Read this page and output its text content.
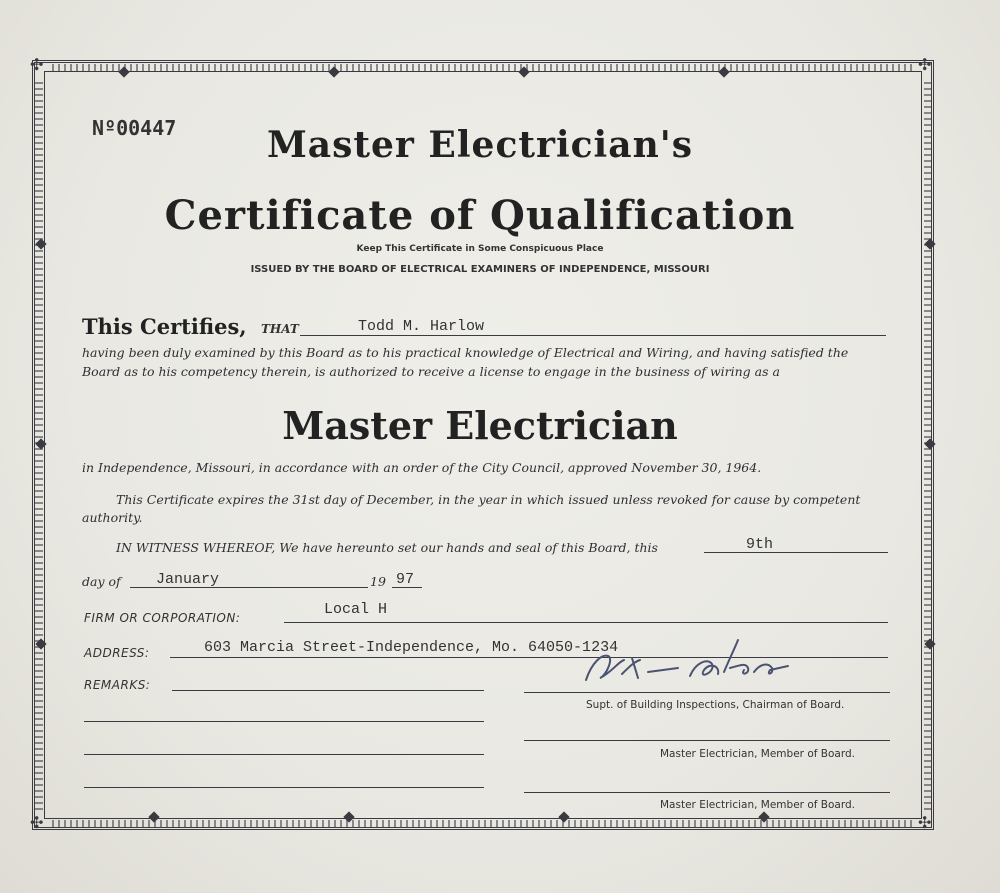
✣	✣
✣	✣
Nº00447	Master Electrician's
Certificate of Qualification
Keep This Certificate in Some Conspicuous Place
ISSUED BY THE BOARD OF ELECTRICAL EXAMINERS OF INDEPENDENCE, MISSOURI
This Certifies, THAT	Todd M. Harlow
having been duly examined by this Board as to his practical knowledge of Electrical and Wiring, and having satisfied the
Board as to his competency therein, is authorized to receive a license to engage in the business of wiring as a
Master Electrician
in Independence, Missouri, in accordance with an order of the City Council, approved November 30, 1964.
This Certificate expires the 31st day of December, in the year in which issued unless revoked for cause by competent
authority.
IN WITNESS WHEREOF, We have hereunto set our hands and seal of this Board, this	9th
day of January	19 97
FIRM OR CORPORATION:	Local H
ADDRESS:	603 Marcia Street-Independence, Mo. 64050-1234
REMARKS:
Supt. of Building Inspections, Chairman of Board.
Master Electrician, Member of Board.
Master Electrician, Member of Board.
